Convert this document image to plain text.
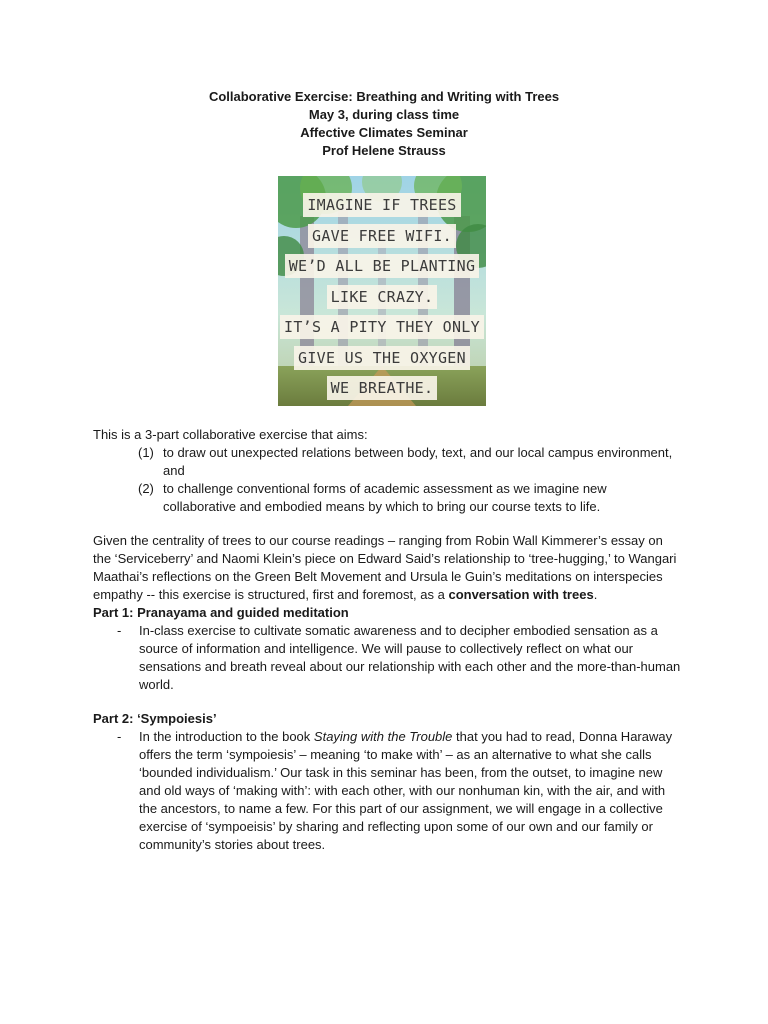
Collaborative Exercise: Breathing and Writing with Trees
May 3, during class time
Affective Climates Seminar
Prof Helene Strauss
IMAGINE IF TREES
GAVE FREE WIFI.
WE’D ALL BE PLANTING
LIKE CRAZY.
IT’S A PITY THEY ONLY
GIVE US THE OXYGEN
WE BREATHE.

This is a 3-part collaborative exercise that aims:

(1) to draw out unexpected relations between body, text, and our local campus environment, and
(2) to challenge conventional forms of academic assessment as we imagine new collaborative and embodied means by which to bring our course texts to life.

Given the centrality of trees to our course readings – ranging from Robin Wall Kimmerer’s essay on the ‘Serviceberry’ and Naomi Klein’s piece on Edward Said’s relationship to ‘tree-hugging,’ to Wangari Maathai’s reflections on the Green Belt Movement and Ursula le Guin’s meditations on interspecies empathy -- this exercise is structured, first and foremost, as a conversation with trees.

Part 1: Pranayama and guided meditation

- In-class exercise to cultivate somatic awareness and to decipher embodied sensation as a source of information and intelligence. We will pause to collectively reflect on what our sensations and breath reveal about our relationship with each other and the more-than-human world.

Part 2: ‘Sympoiesis’

- In the introduction to the book Staying with the Trouble that you had to read, Donna Haraway offers the term ‘sympoiesis’ – meaning ‘to make with’ – as an alternative to what she calls ‘bounded individualism.’ Our task in this seminar has been, from the outset, to imagine new and old ways of ‘making with’: with each other, with our nonhuman kin, with the air, and with the ancestors, to name a few. For this part of our assignment, we will engage in a collective exercise of ‘sympoeisis’ by sharing and reflecting upon some of our own and our family or community’s stories about trees.
